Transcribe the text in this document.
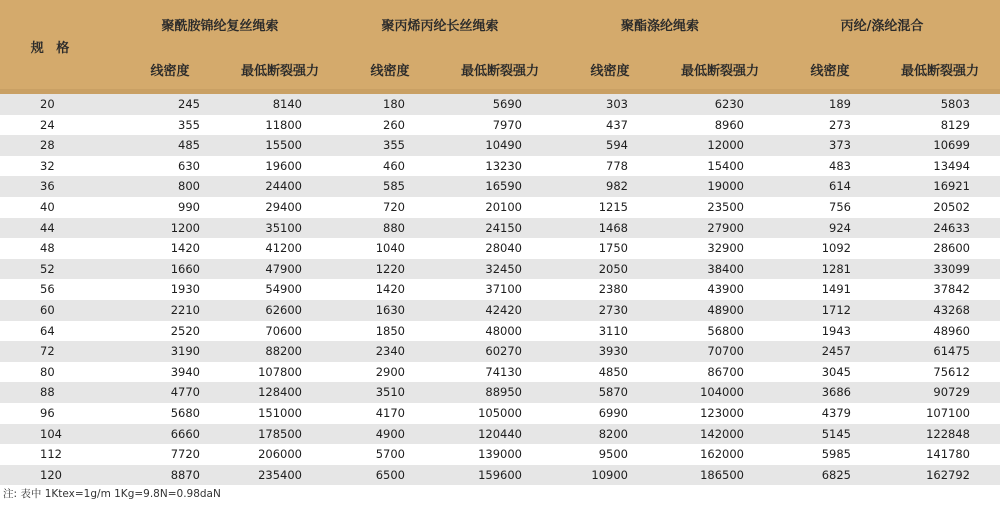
规 格
聚酰胺锦纶复丝绳索	聚丙烯丙纶长丝绳索	聚酯涤纶绳索	丙纶/涤纶混合
线密度	最低断裂强力	线密度	最低断裂强力	线密度	最低断裂强力	线密度	最低断裂强力
20	245	8140	180	5690	303	6230	189	5803
24	355	11800	260	7970	437	8960	273	8129
28	485	15500	355	10490	594	12000	373	10699
32	630	19600	460	13230	778	15400	483	13494
36	800	24400	585	16590	982	19000	614	16921
40	990	29400	720	20100	1215	23500	756	20502
44	1200	35100	880	24150	1468	27900	924	24633
48	1420	41200	1040	28040	1750	32900	1092	28600
52	1660	47900	1220	32450	2050	38400	1281	33099
56	1930	54900	1420	37100	2380	43900	1491	37842
60	2210	62600	1630	42420	2730	48900	1712	43268
64	2520	70600	1850	48000	3110	56800	1943	48960
72	3190	88200	2340	60270	3930	70700	2457	61475
80	3940	107800	2900	74130	4850	86700	3045	75612
88	4770	128400	3510	88950	5870	104000	3686	90729
96	5680	151000	4170	105000	6990	123000	4379	107100
104	6660	178500	4900	120440	8200	142000	5145	122848
112	7720	206000	5700	139000	9500	162000	5985	141780
120	8870	235400	6500	159600	10900	186500	6825	162792
注: 表中 1Ktex=1g/m 1Kg=9.8N=0.98daN
